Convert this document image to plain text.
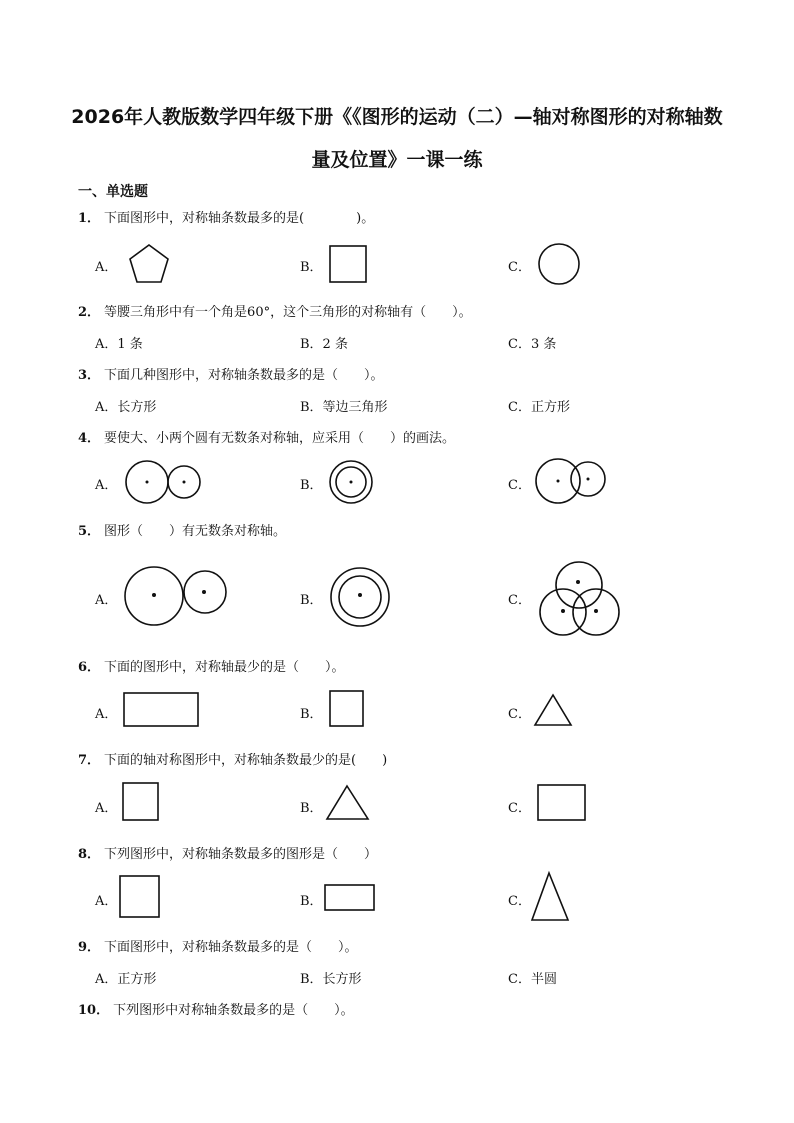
2026年人教版数学四年级下册《《图形的运动（二）—轴对称图形的对称轴数
量及位置》一课一练
一、单选题
1． 下面图形中，对称轴条数最多的是(　　　　)。
A．	B．	C．
2． 等腰三角形中有一个角是60°，这个三角形的对称轴有（　　）。
A．1 条	B．2 条	C．3 条
3． 下面几种图形中，对称轴条数最多的是（　　）。
A．长方形	B．等边三角形	C．正方形
4． 要使大、小两个圆有无数条对称轴，应采用（　　）的画法。
A．	B．	C．
5． 图形（　　）有无数条对称轴。
A．	B．	C．
6． 下面的图形中，对称轴最少的是（　　）。
A．	B．	C．
7． 下面的轴对称图形中，对称轴条数最少的是(　　)
A．	B．	C．
8． 下列图形中，对称轴条数最多的图形是（　　）
A．	B．	C．
9． 下面图形中，对称轴条数最多的是（　　）。
A．正方形	B．长方形	C．半圆
10． 下列图形中对称轴条数最多的是（　　）。
